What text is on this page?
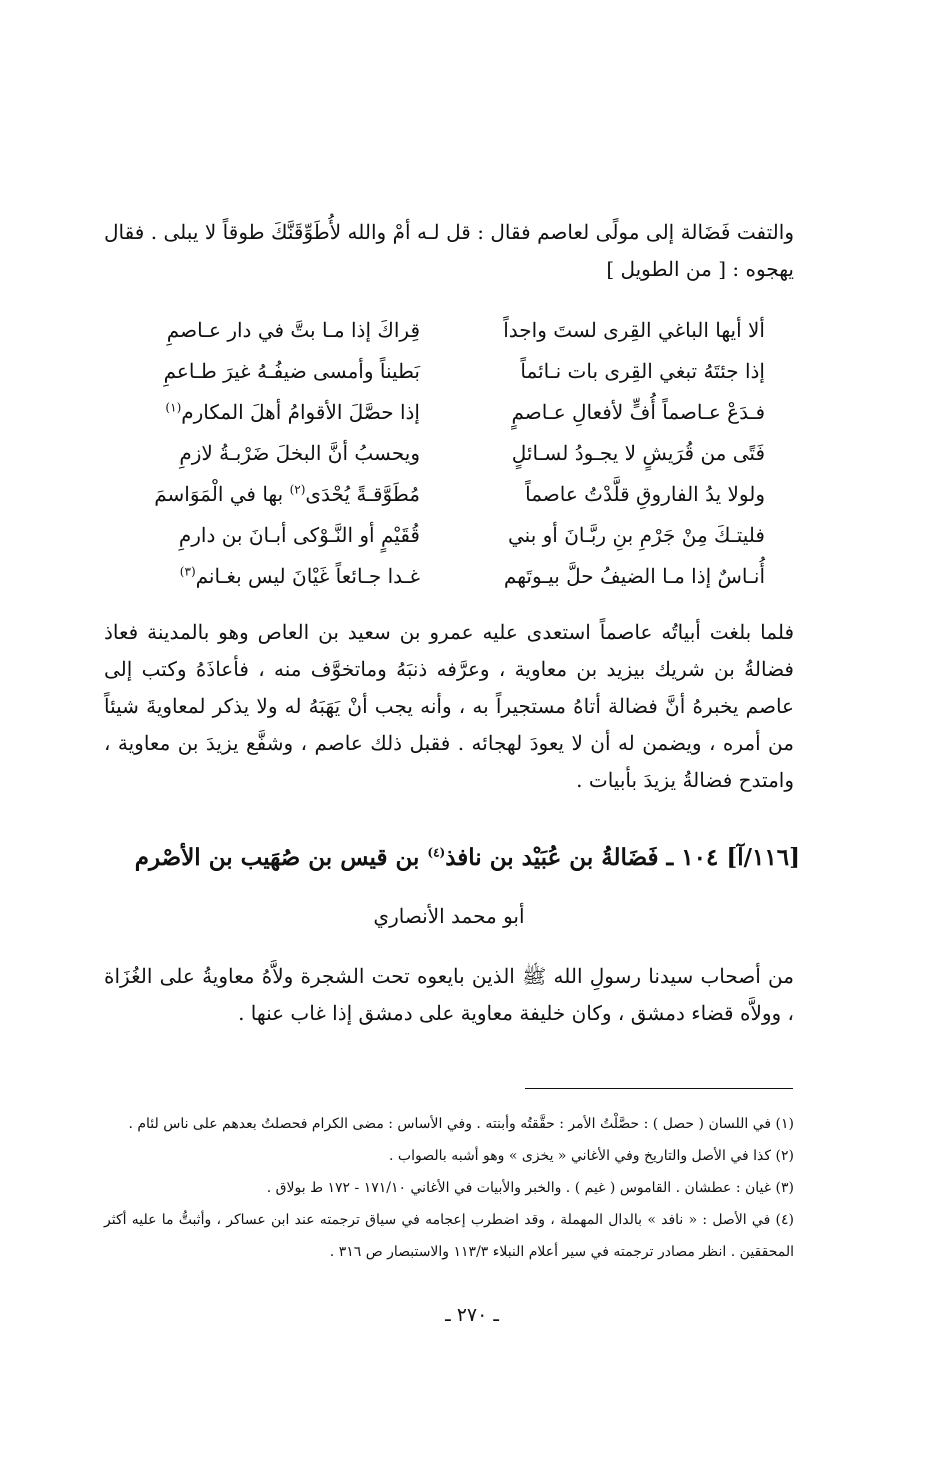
والتفت فَضَالة إلى مولًى لعاصم فقال : قل لـه أمْ والله لأُطَوِّقَنَّكَ طوقاً لا يبلى . فقال يهجوه : [ من الطويل ]

ألا أيها الباغي القِرى لستَ واجداً
قِراكَ إذا مـا بتَّ في دار عـاصمِ
إذا جئتَهُ تبغي القِرى بات نـائماً
بَطيناً وأمسى ضيفُـهُ غيرَ طـاعمِ
فـدَعْ عـاصماً أُفٍّ لأفعالِ عـاصمٍ
إذا حصَّلَ الأقوامُ أهلَ المكارم$^{(١)}$
فَتًى من قُرَيشٍ لا يجـودُ لسـائلٍ
ويحسبُ أنَّ البخلَ ضَرْبـةُ لازمِ
ولولا يدُ الفاروقِ قلَّدْتُ عاصماً
مُطَوَّقـةً يُحْدَى$^{(٢)}$ بها في الْمَوَاسمَ
فليتـكَ مِنْ جَرْمِ بنِ ربَّـانَ أو بني
قُقَيْمٍ أو النَّـوْكى أبـانَ بن دارمِ
أُنـاسٌ إذا مـا الضيفُ حلَّ بيـوتَهم
غـدا جـائعاً غَيْانَ ليس بغـانم$^{(٣)}$

فلما بلغت أبياتُه عاصماً استعدى عليه عمرو بن سعيد بن العاص وهو بالمدينة فعاذ فضالةُ بن شريك بيزيد بن معاوية ، وعرَّفه ذنبَهُ وماتخوَّف منه ، فأعاذَهُ وكتب إلى عاصم يخبرهُ أنَّ فضالة أتاهُ مستجيراً به ، وأنه يجب أنْ يَهَبَهُ له ولا يذكر لمعاويةَ شيئاً من أمره ، ويضمن له أن لا يعودَ لهجائه . فقبل ذلك عاصم ، وشفَّع يزيدَ بن معاوية ، وامتدح فضالةُ يزيدَ بأبيات .

[١١٦/آ] ١٠٤ ـ فَضَالةُ بن عُبَيْد بن نافذ$^{(٤)}$ بن قيس بن صُهَيب بن الأصْرم
أبو محمد الأنصاري

من أصحاب سيدنا رسولِ الله ﷺ الذين بايعوه تحت الشجرة ولاَّهُ معاويةُ على الغُزَاة ، وولاَّه قضاء دمشق ، وكان خليفة معاوية على دمشق إذا غاب عنها .

(١) في اللسان ( حصل ) : حصَّلْتُ الأمر : حقَّقتُه وأبنته . وفي الأساس : مضى الكرام فحصلتُ بعدهم على ناس لئام .
(٢) كذا في الأصل والتاريخ وفي الأغاني « يخزى » وهو أشبه بالصواب .
(٣) غيان : عطشان . القاموس ( غيم ) . والخبر والأبيات في الأغاني ١٧١/١٠ - ١٧٢ ط بولاق .
(٤) في الأصل : « نافد » بالدال المهملة ، وقد اضطرب إعجامه في سياق ترجمته عند ابن عساكر ، وأثبتُّ ما عليه أكثر المحققين . انظر مصادر ترجمته في سير أعلام النبلاء ١١٣/٣ والاستبصار ص ٣١٦ .
ـ ٢٧٠ ـ
